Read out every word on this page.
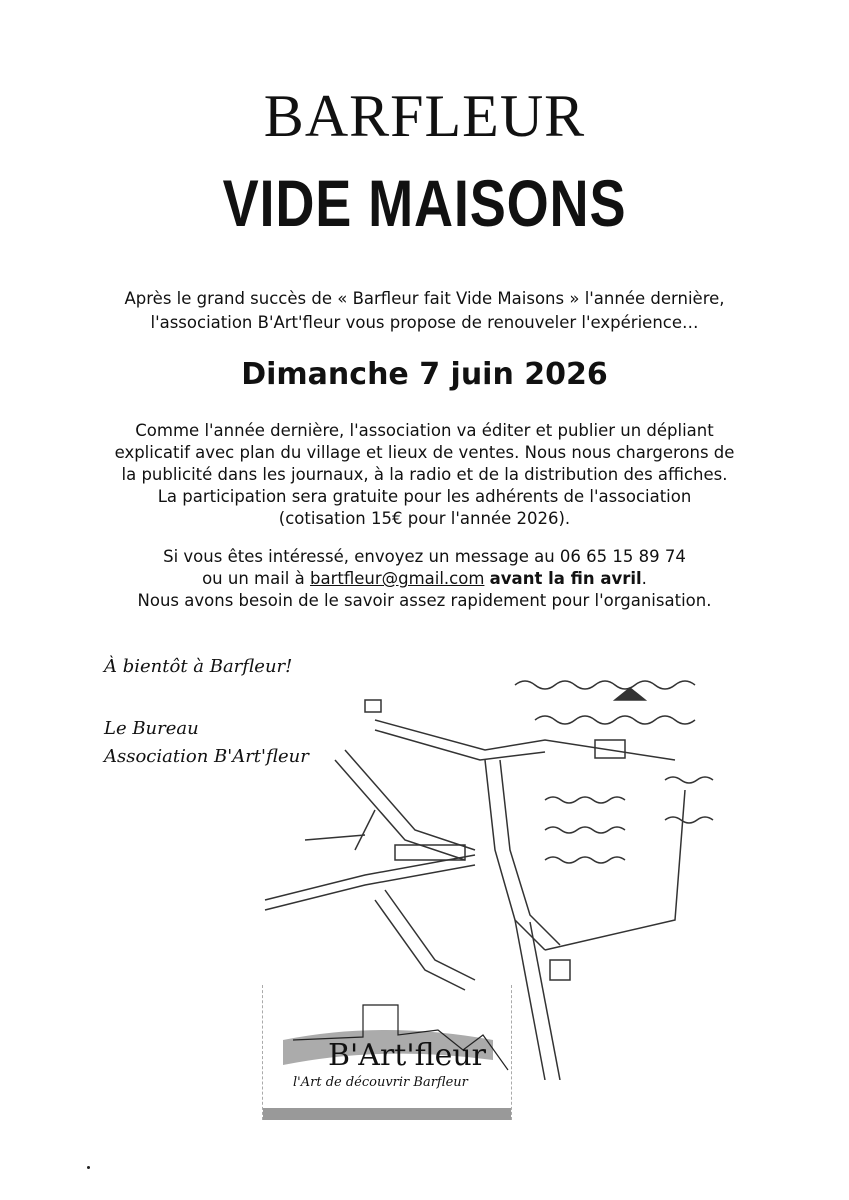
BARFLEUR
VIDE MAISONS
Après le grand succès de « Barfleur fait Vide Maisons » l'année dernière,
l'association B'Art'fleur vous propose de renouveler l'expérience…
Dimanche 7 juin 2026
Comme l'année dernière, l'association va éditer et publier un dépliant
explicatif avec plan du village et lieux de ventes. Nous nous chargerons de
la publicité dans les journaux, à la radio et de la distribution des affiches.
La participation sera gratuite pour les adhérents de l'association
(cotisation 15€ pour l'année 2026).
Si vous êtes intéressé, envoyez un message au 06 65 15 89 74
ou un mail à bartfleur@gmail.com avant la fin avril.
Nous avons besoin de le savoir assez rapidement pour l'organisation.
À bientôt à Barfleur!
Le Bureau
Association B'Art'fleur
B'Art'fleur
l'Art de découvrir Barfleur
